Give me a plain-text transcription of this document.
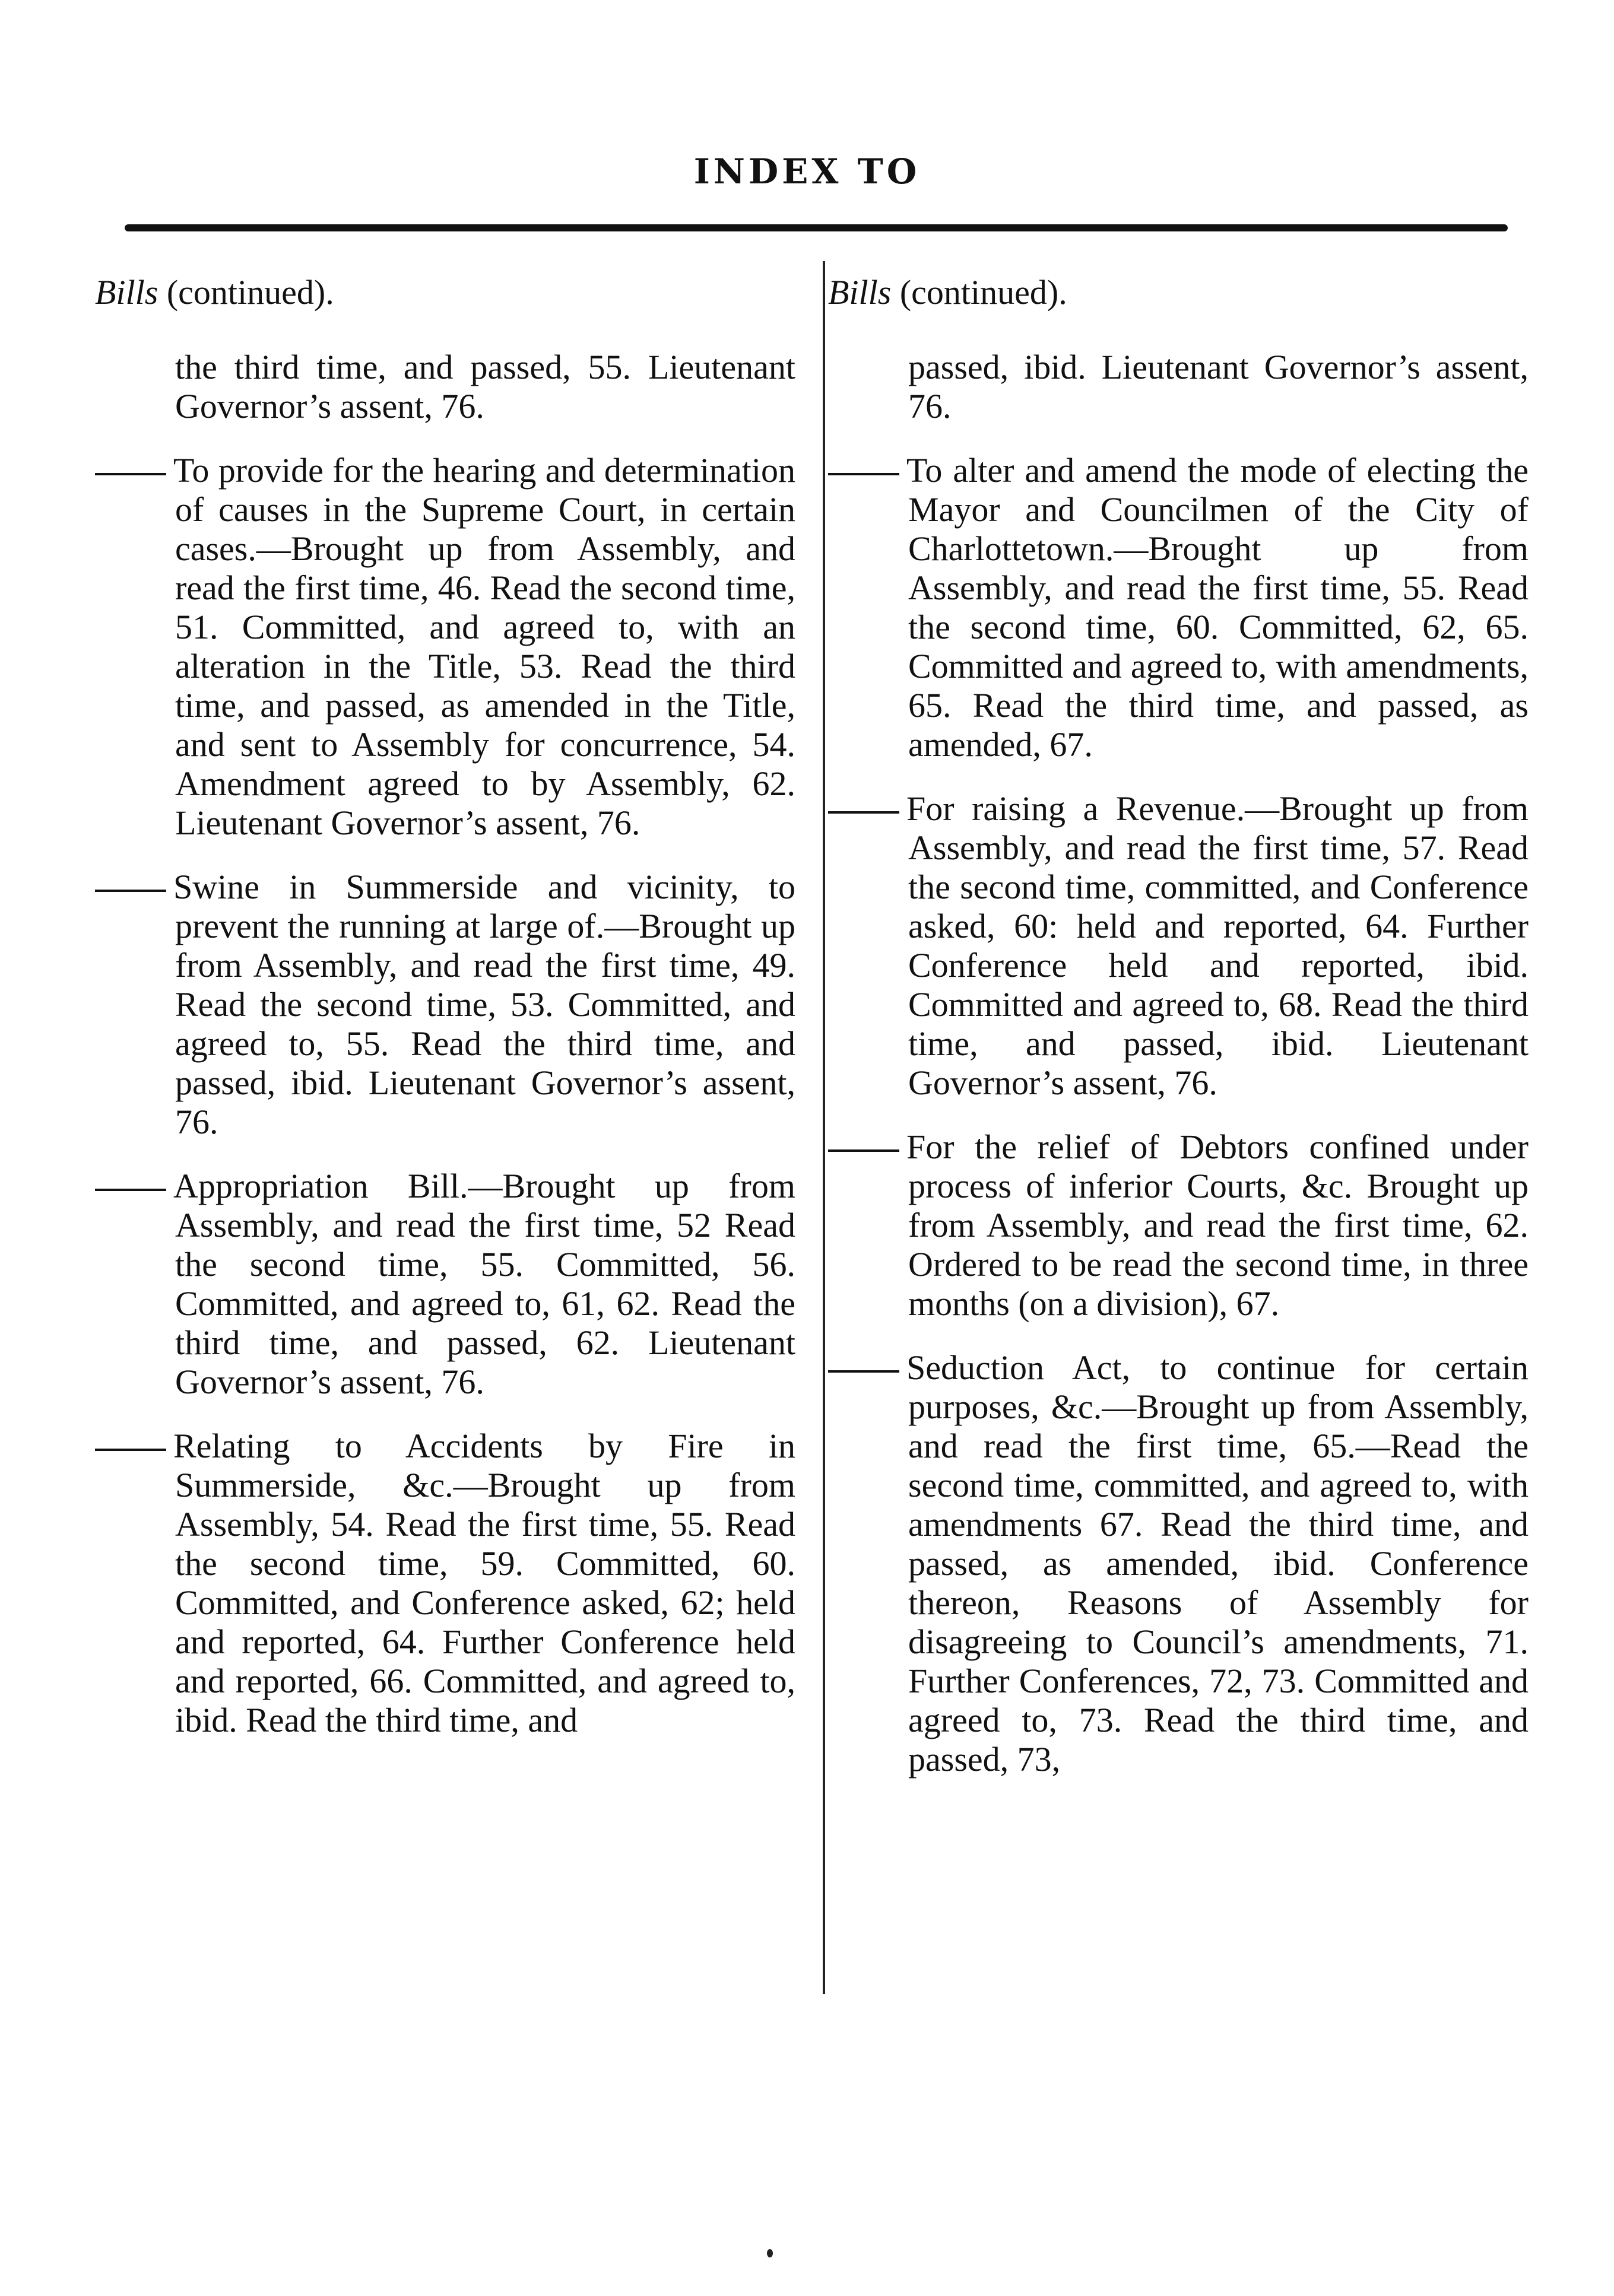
INDEX TO
Bills (continued).
the third time, and passed, 55. Lieutenant Governor’s assent, 76.
To provide for the hearing and determination of causes in the Supreme Court, in certain cases.—Brought up from Assembly, and read the first time, 46. Read the second time, 51. Committed, and agreed to, with an alteration in the Title, 53. Read the third time, and passed, as amended in the Title, and sent to Assembly for concurrence, 54. Amendment agreed to by Assembly, 62. Lieutenant Governor’s assent, 76.
Swine in Summerside and vicinity, to prevent the running at large of.—Brought up from Assembly, and read the first time, 49. Read the second time, 53. Committed, and agreed to, 55. Read the third time, and passed, ibid. Lieutenant Governor’s assent, 76.
Appropriation Bill.—Brought up from Assembly, and read the first time, 52 Read the second time, 55. Committed, 56. Committed, and agreed to, 61, 62. Read the third time, and passed, 62. Lieutenant Governor’s assent, 76.
Relating to Accidents by Fire in Summerside, &c.—Brought up from Assembly, 54. Read the first time, 55. Read the second time, 59. Committed, 60. Committed, and Conference asked, 62; held and reported, 64. Further Conference held and reported, 66. Committed, and agreed to, ibid. Read the third time, and
Bills (continued).
passed, ibid. Lieutenant Governor’s assent, 76.
To alter and amend the mode of electing the Mayor and Councilmen of the City of Charlottetown.—Brought up from Assembly, and read the first time, 55. Read the second time, 60. Committed, 62, 65. Committed and agreed to, with amendments, 65. Read the third time, and passed, as amended, 67.
For raising a Revenue.—Brought up from Assembly, and read the first time, 57. Read the second time, committed, and Conference asked, 60: held and reported, 64. Further Conference held and reported, ibid. Committed and agreed to, 68. Read the third time, and passed, ibid. Lieutenant Governor’s assent, 76.
For the relief of Debtors confined under process of inferior Courts, &c. Brought up from Assembly, and read the first time, 62. Ordered to be read the second time, in three months (on a division), 67.
Seduction Act, to continue for certain purposes, &c.—Brought up from Assembly, and read the first time, 65.—Read the second time, committed, and agreed to, with amendments 67. Read the third time, and passed, as amended, ibid. Conference thereon, Reasons of Assembly for disagreeing to Council’s amendments, 71. Further Conferences, 72, 73. Committed and agreed to, 73. Read the third time, and passed, 73,
